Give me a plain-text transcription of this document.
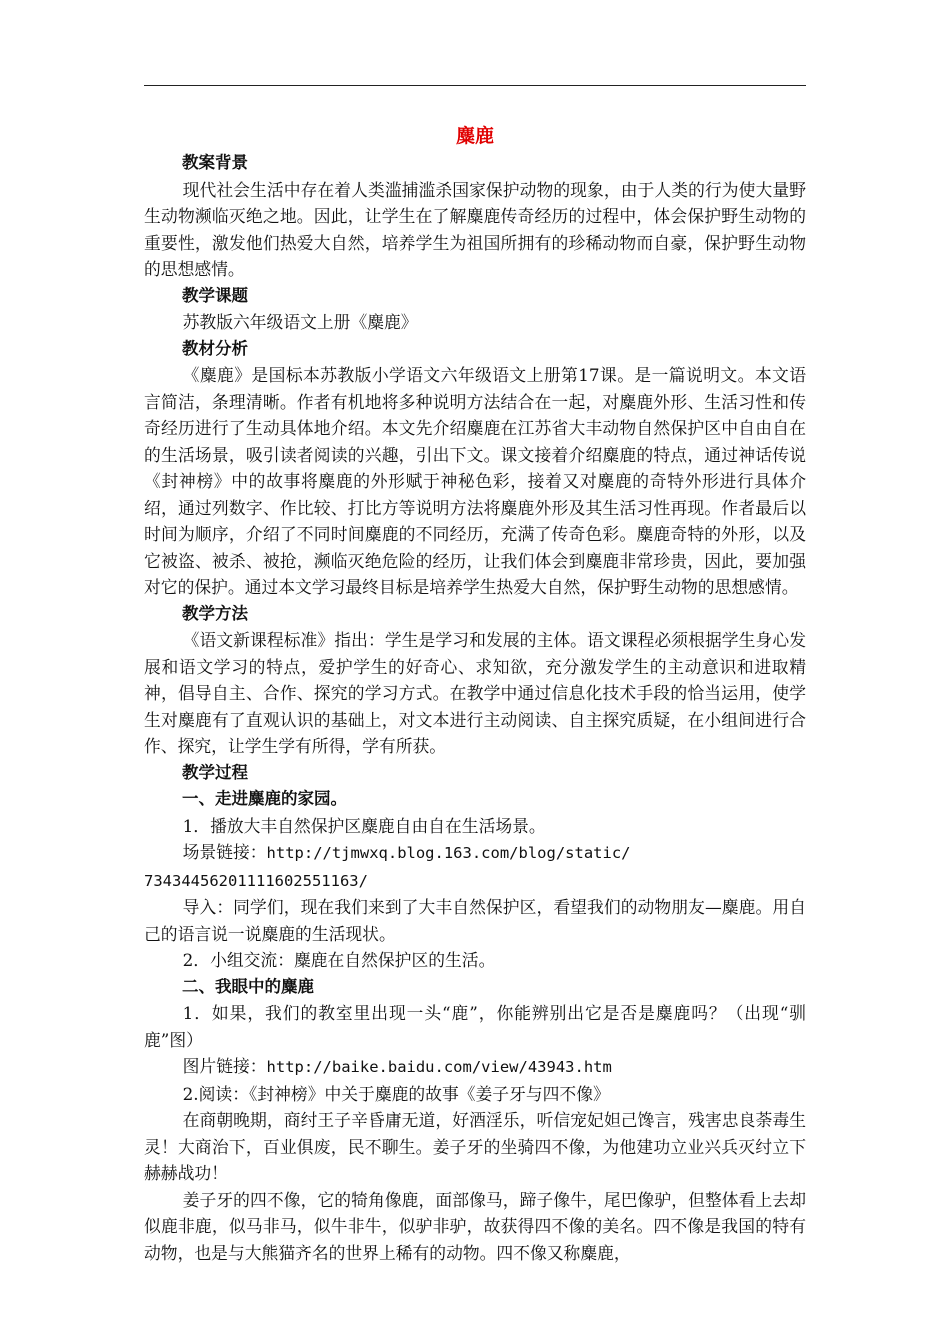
麋鹿

教案背景

现代社会生活中存在着人类滥捕滥杀国家保护动物的现象，由于人类的行为使大量野生动物濒临灭绝之地。因此，让学生在了解麋鹿传奇经历的过程中，体会保护野生动物的重要性，激发他们热爱大自然，培养学生为祖国所拥有的珍稀动物而自豪，保护野生动物的思想感情。

教学课题

苏教版六年级语文上册《麋鹿》

教材分析

《麋鹿》是国标本苏教版小学语文六年级语文上册第17课。是一篇说明文。本文语言简洁，条理清晰。作者有机地将多种说明方法结合在一起，对麋鹿外形、生活习性和传奇经历进行了生动具体地介绍。本文先介绍麋鹿在江苏省大丰动物自然保护区中自由自在的生活场景，吸引读者阅读的兴趣，引出下文。课文接着介绍麋鹿的特点，通过神话传说《封神榜》中的故事将麋鹿的外形赋于神秘色彩，接着又对麋鹿的奇特外形进行具体介绍，通过列数字、作比较、打比方等说明方法将麋鹿外形及其生活习性再现。作者最后以时间为顺序，介绍了不同时间麋鹿的不同经历，充满了传奇色彩。麋鹿奇特的外形，以及它被盗、被杀、被抢，濒临灭绝危险的经历，让我们体会到麋鹿非常珍贵，因此，要加强对它的保护。通过本文学习最终目标是培养学生热爱大自然，保护野生动物的思想感情。

教学方法

《语文新课程标准》指出：学生是学习和发展的主体。语文课程必须根据学生身心发展和语文学习的特点，爱护学生的好奇心、求知欲，充分激发学生的主动意识和进取精神，倡导自主、合作、探究的学习方式。在教学中通过信息化技术手段的恰当运用，使学生对麋鹿有了直观认识的基础上，对文本进行主动阅读、自主探究质疑，在小组间进行合作、探究，让学生学有所得，学有所获。

教学过程

一、走进麋鹿的家园。

1．播放大丰自然保护区麋鹿自由自在生活场景。

场景链接：http://tjmwxq.blog.163.com/blog/static/

73434456201111602551163/

导入：同学们，现在我们来到了大丰自然保护区，看望我们的动物朋友—麋鹿。用自己的语言说一说麋鹿的生活现状。

2．小组交流：麋鹿在自然保护区的生活。

二、我眼中的麋鹿

1．如果，我们的教室里出现一头“鹿”，你能辨别出它是否是麋鹿吗？（出现“驯鹿”图）

图片链接：http://baike.baidu.com/view/43943.htm

2.阅读：《封神榜》中关于麋鹿的故事《姜子牙与四不像》

在商朝晚期，商纣王子辛昏庸无道，好酒淫乐，听信宠妃妲己馋言，残害忠良荼毒生灵！大商治下，百业俱废，民不聊生。姜子牙的坐骑四不像，为他建功立业兴兵灭纣立下赫赫战功！

姜子牙的四不像，它的犄角像鹿，面部像马，蹄子像牛，尾巴像驴，但整体看上去却似鹿非鹿，似马非马，似牛非牛，似驴非驴，故获得四不像的美名。四不像是我国的特有动物，也是与大熊猫齐名的世界上稀有的动物。四不像又称麋鹿，
